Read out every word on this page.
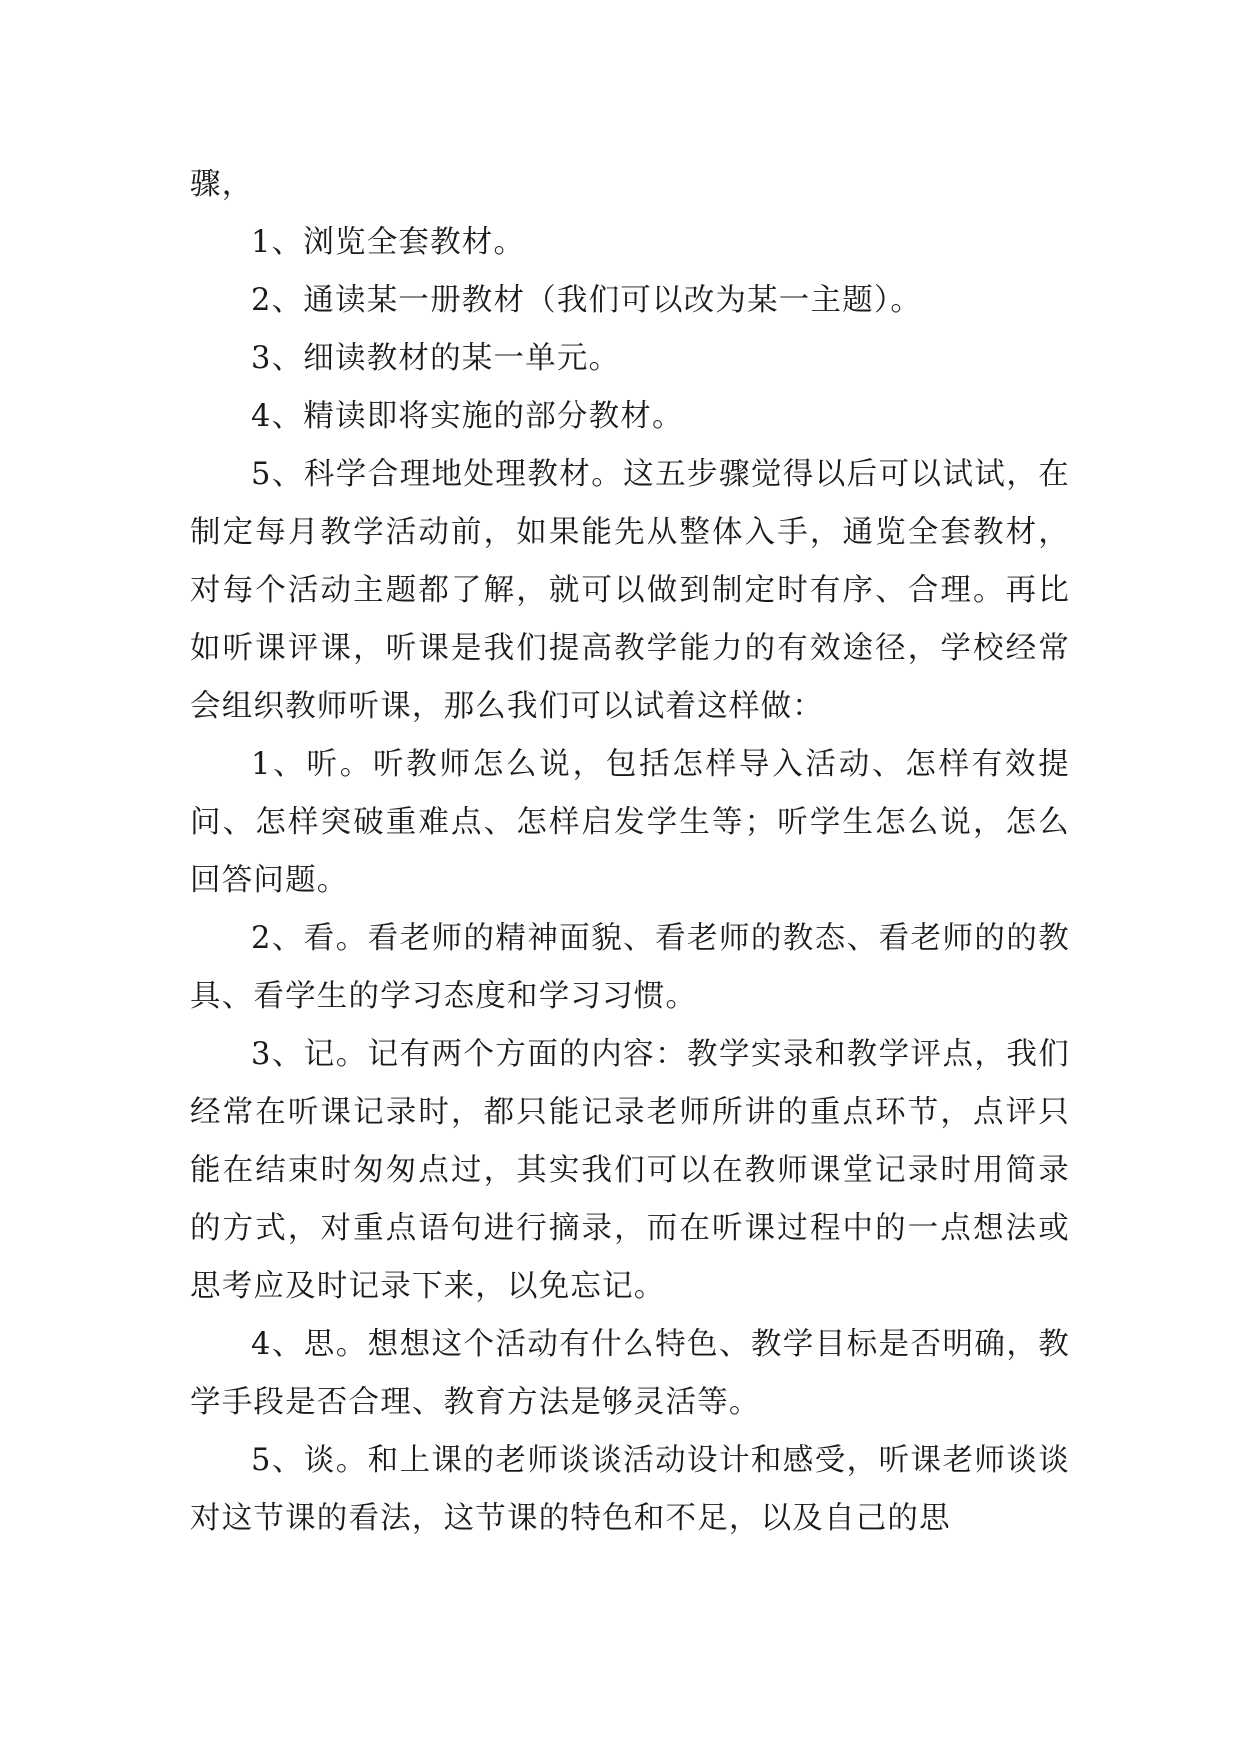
骤，

1、浏览全套教材。

2、通读某一册教材（我们可以改为某一主题）。

3、细读教材的某一单元。

4、精读即将实施的部分教材。

5、科学合理地处理教材。这五步骤觉得以后可以试试，在制定每月教学活动前，如果能先从整体入手，通览全套教材，对每个活动主题都了解，就可以做到制定时有序、合理。再比如听课评课，听课是我们提高教学能力的有效途径，学校经常会组织教师听课，那么我们可以试着这样做：

1、听。听教师怎么说，包括怎样导入活动、怎样有效提问、怎样突破重难点、怎样启发学生等；听学生怎么说，怎么回答问题。

2、看。看老师的精神面貌、看老师的教态、看老师的的教具、看学生的学习态度和学习习惯。

3、记。记有两个方面的内容：教学实录和教学评点，我们经常在听课记录时，都只能记录老师所讲的重点环节，点评只能在结束时匆匆点过，其实我们可以在教师课堂记录时用简录的方式，对重点语句进行摘录，而在听课过程中的一点想法或思考应及时记录下来，以免忘记。

4、思。想想这个活动有什么特色、教学目标是否明确，教学手段是否合理、教育方法是够灵活等。

5、谈。和上课的老师谈谈活动设计和感受，听课老师谈谈对这节课的看法，这节课的特色和不足，以及自己的思
